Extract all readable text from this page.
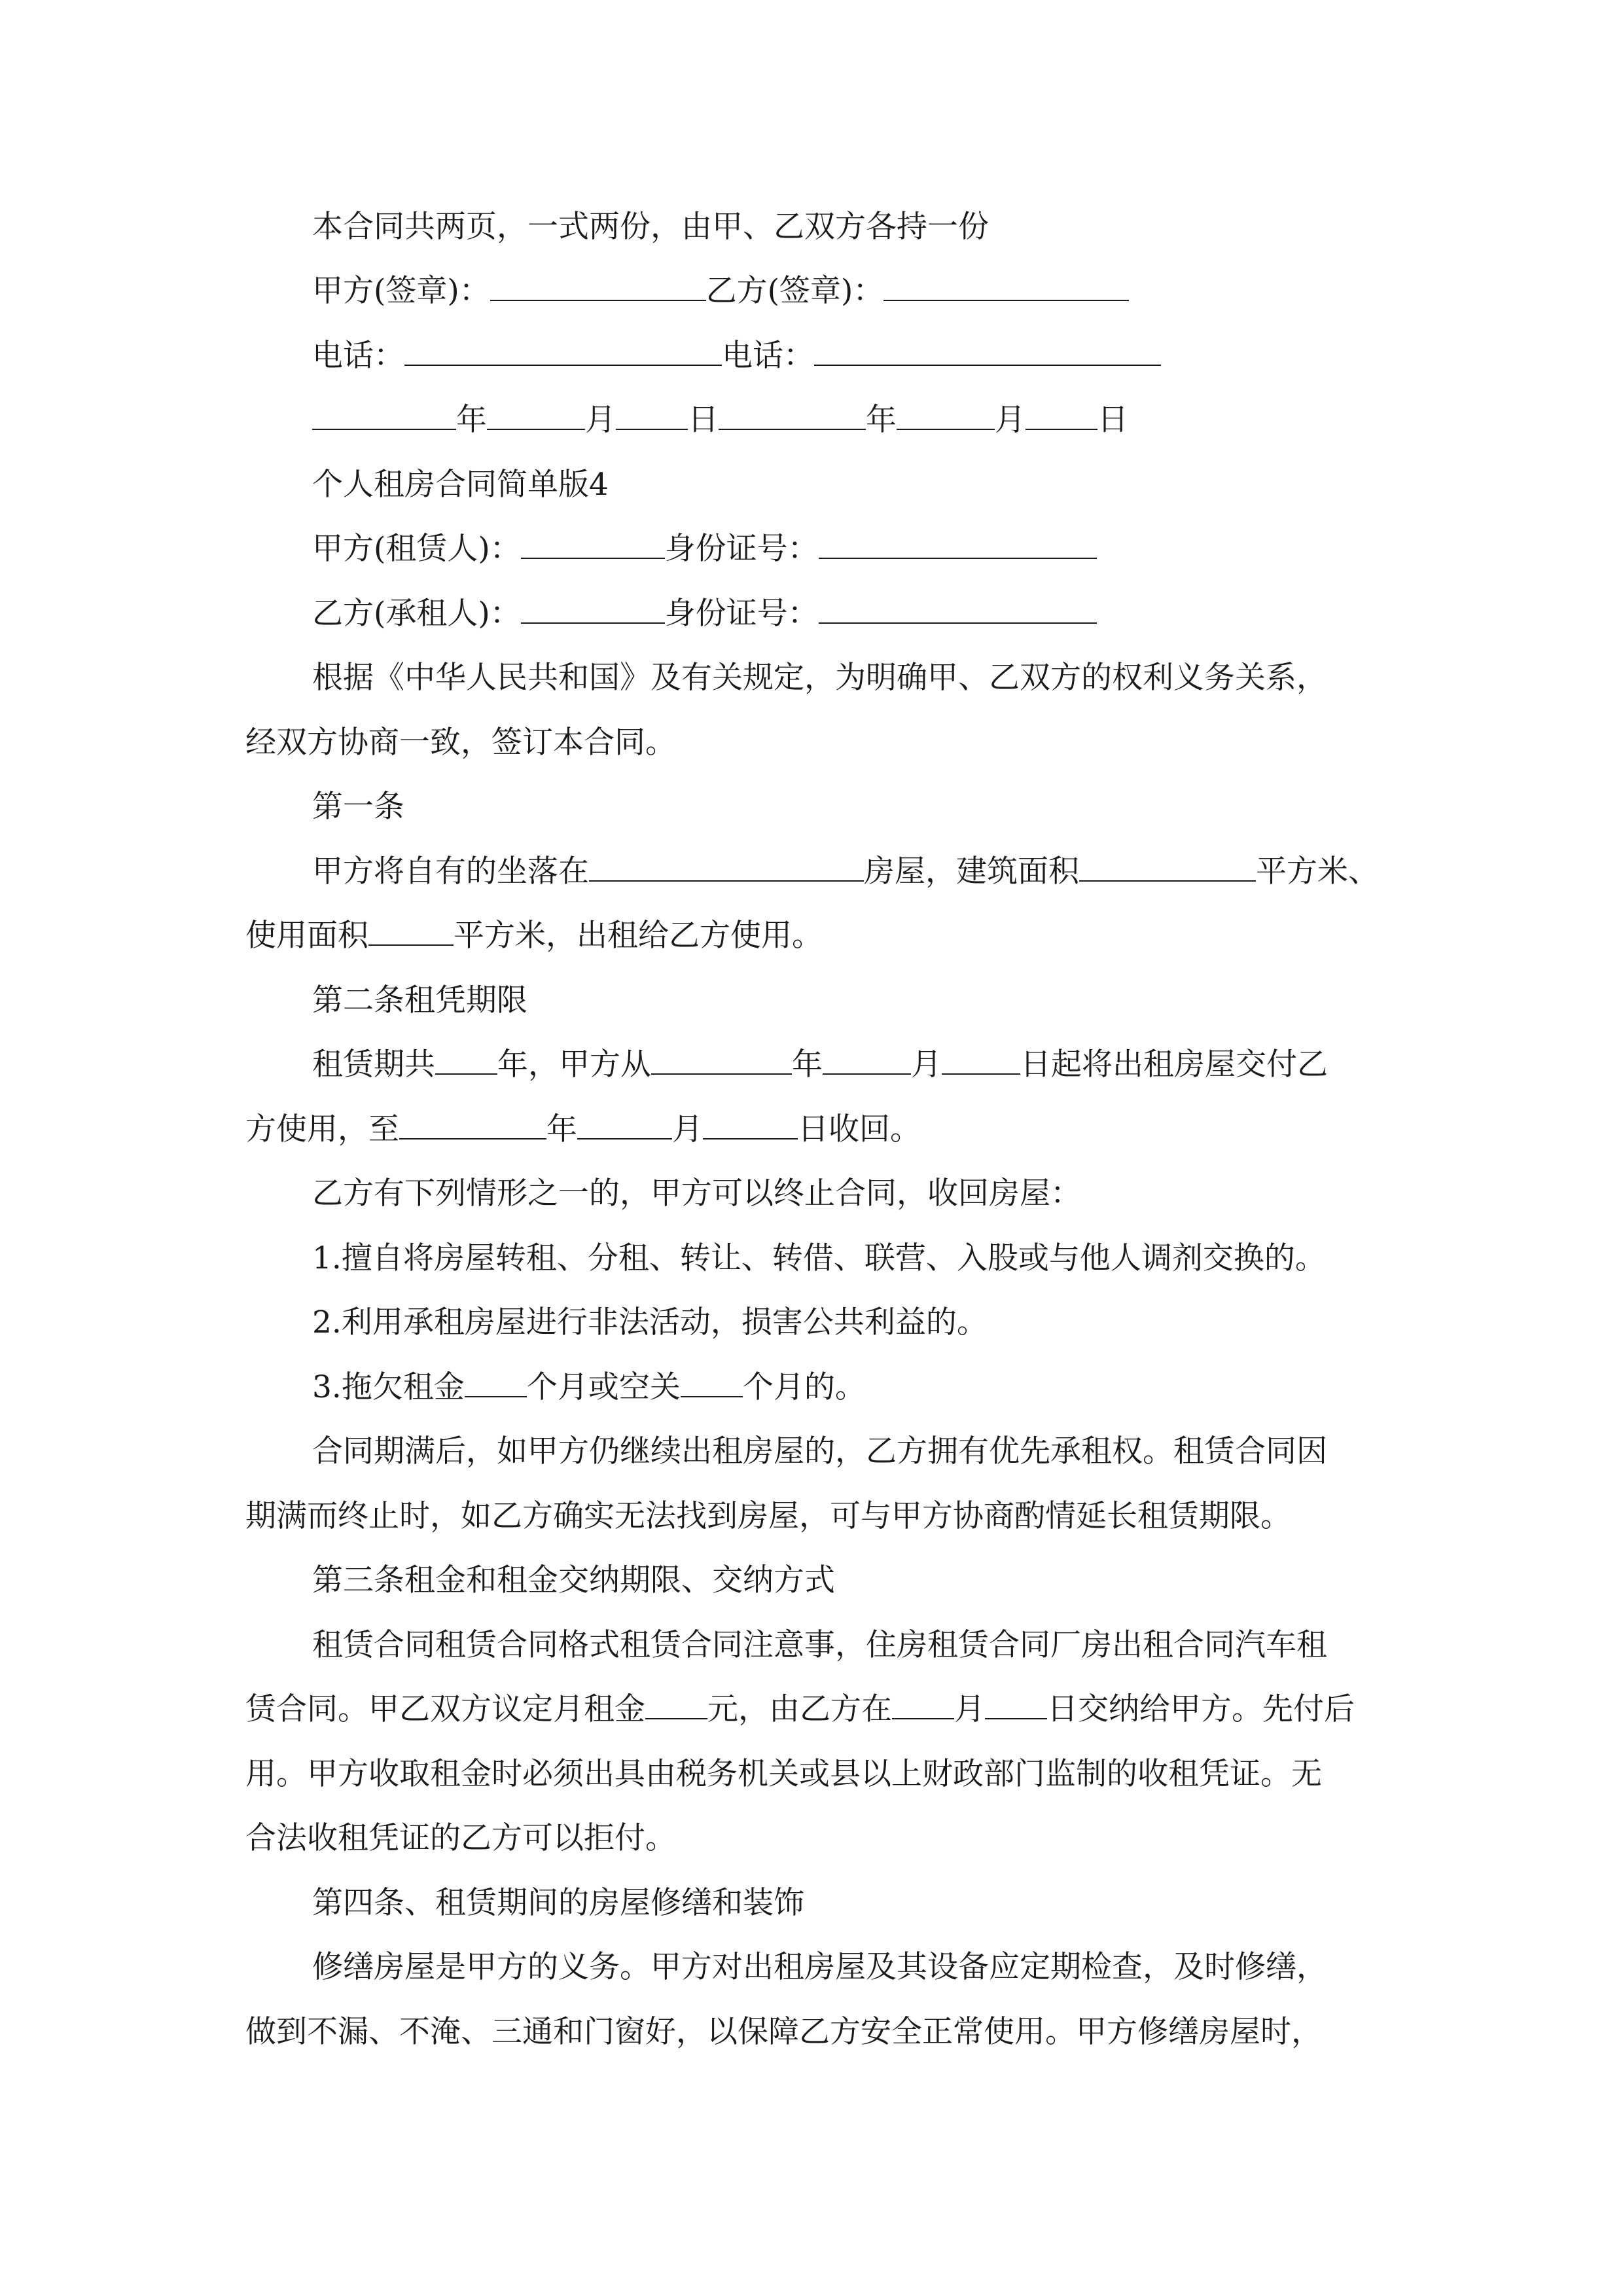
本合同共两页，一式两份，由甲、乙双方各持一份
甲方(签章)：	乙方(签章)：
电话：	电话：
年	月 日	年	月 日
个人租房合同简单版4
甲方(租赁人)：	身份证号：
乙方(承租人)：	身份证号：
根据《中华人民共和国》及有关规定，为明确甲、乙双方的权利义务关系，
经双方协商一致，签订本合同。
第一条
甲方将自有的坐落在	房屋，建筑面积	平方米、
使用面积	平方米，出租给乙方使用。
第二条租凭期限
租赁期共 年，甲方从	年	月	日起将出租房屋交付乙
方使用，至	年	月	日收回。
乙方有下列情形之一的，甲方可以终止合同，收回房屋：
1.擅自将房屋转租、分租、转让、转借、联营、入股或与他人调剂交换的。
2.利用承租房屋进行非法活动，损害公共利益的。
3.拖欠租金 个月或空关 个月的。
合同期满后，如甲方仍继续出租房屋的，乙方拥有优先承租权。租赁合同因
期满而终止时，如乙方确实无法找到房屋，可与甲方协商酌情延长租赁期限。
第三条租金和租金交纳期限、交纳方式
租赁合同租赁合同格式租赁合同注意事，住房租赁合同厂房出租合同汽车租
赁合同。甲乙双方议定月租金 元，由乙方在 月 日交纳给甲方。先付后
用。甲方收取租金时必须出具由税务机关或县以上财政部门监制的收租凭证。无
合法收租凭证的乙方可以拒付。
第四条、租赁期间的房屋修缮和装饰
修缮房屋是甲方的义务。甲方对出租房屋及其设备应定期检查，及时修缮，
做到不漏、不淹、三通和门窗好，以保障乙方安全正常使用。甲方修缮房屋时，
